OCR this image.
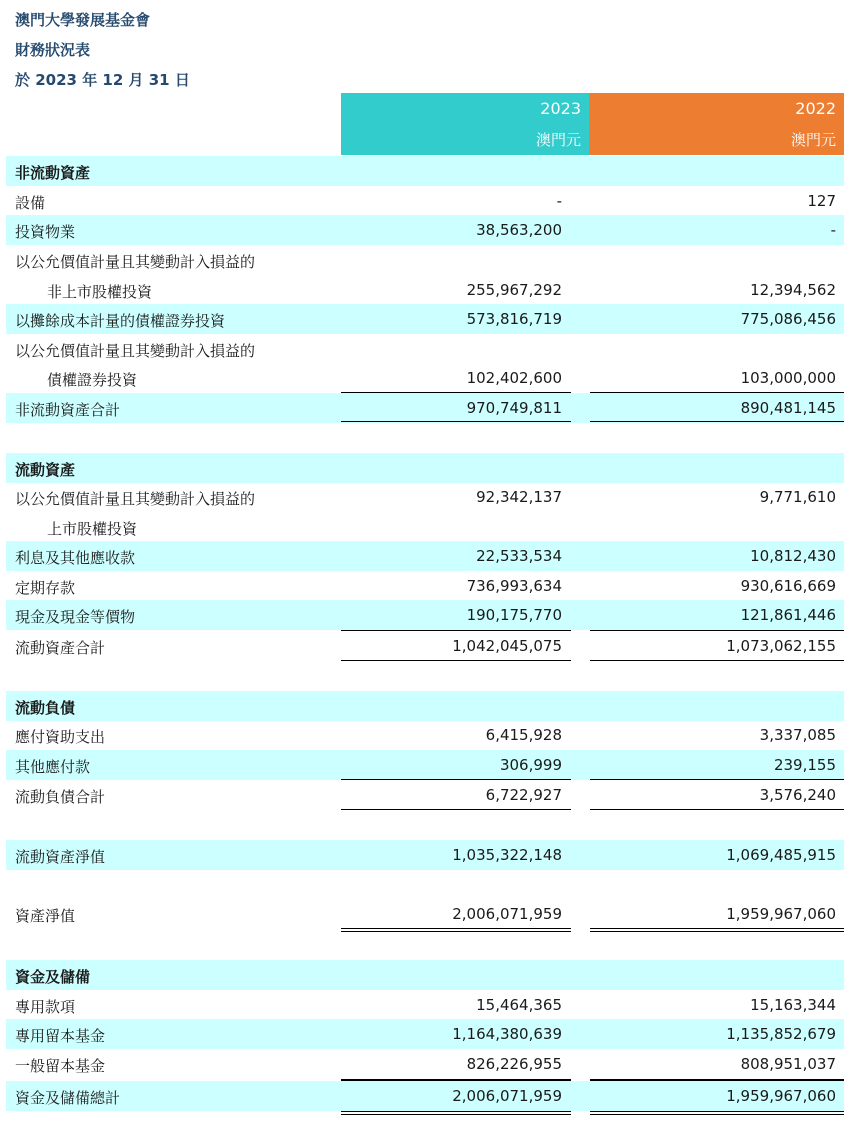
澳門大學發展基金會
財務狀況表
於 2023 年 12 月 31 日
2023
澳門元
2022
澳門元
非流動資產
設備	-	127
投資物業	38,563,200	-
以公允價值計量且其變動計入損益的
非上市股權投資	255,967,292	12,394,562
以攤餘成本計量的債權證券投資	573,816,719	775,086,456
以公允價值計量且其變動計入損益的
債權證券投資	102,402,600	103,000,000
非流動資產合計	970,749,811	890,481,145
流動資產
以公允價值計量且其變動計入損益的	92,342,137	9,771,610
上市股權投資
利息及其他應收款	22,533,534	10,812,430
定期存款	736,993,634	930,616,669
現金及現金等價物	190,175,770	121,861,446
流動資產合計	1,042,045,075	1,073,062,155
流動負債
應付資助支出	6,415,928	3,337,085
其他應付款	306,999	239,155
流動負債合計	6,722,927	3,576,240
流動資產淨值	1,035,322,148	1,069,485,915
資產淨值	2,006,071,959	1,959,967,060
資金及儲備
專用款項	15,464,365	15,163,344
專用留本基金	1,164,380,639	1,135,852,679
一般留本基金	826,226,955	808,951,037
資金及儲備總計	2,006,071,959	1,959,967,060
